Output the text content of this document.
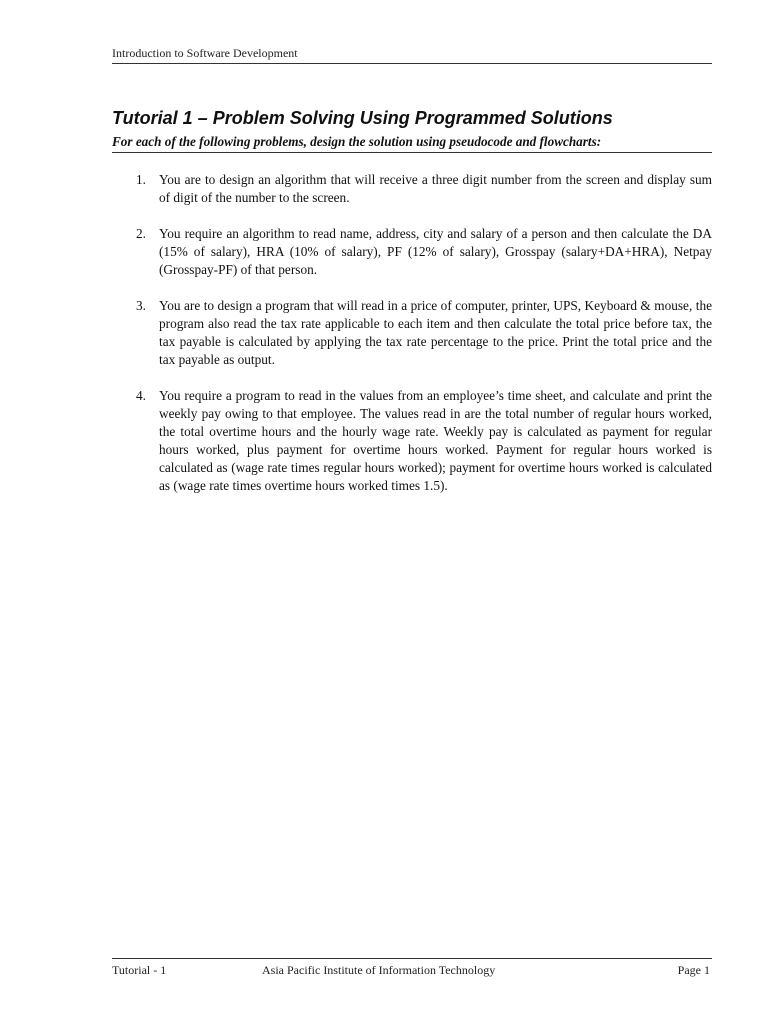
Introduction to Software Development
Tutorial 1 – Problem Solving Using Programmed Solutions

For each of the following problems, design the solution using pseudocode and flowcharts:

1. You are to design an algorithm that will receive a three digit number from the screen and display sum of digit of the number to the screen.
2. You require an algorithm to read name, address, city and salary of a person and then calculate the DA (15% of salary), HRA (10% of salary), PF (12% of salary), Grosspay (salary+DA+HRA), Netpay (Grosspay-PF) of that person.
3. You are to design a program that will read in a price of computer, printer, UPS, Keyboard & mouse, the program also read the tax rate applicable to each item and then calculate the total price before tax, the tax payable is calculated by applying the tax rate percentage to the price. Print the total price and the tax payable as output.
4. You require a program to read in the values from an employee’s time sheet, and calculate and print the weekly pay owing to that employee. The values read in are the total number of regular hours worked, the total overtime hours and the hourly wage rate. Weekly pay is calculated as payment for regular hours worked, plus payment for overtime hours worked. Payment for regular hours worked is calculated as (wage rate times regular hours worked); payment for overtime hours worked is calculated as (wage rate times overtime hours worked times 1.5).
Tutorial - 1	Asia Pacific Institute of Information Technology	Page 1
